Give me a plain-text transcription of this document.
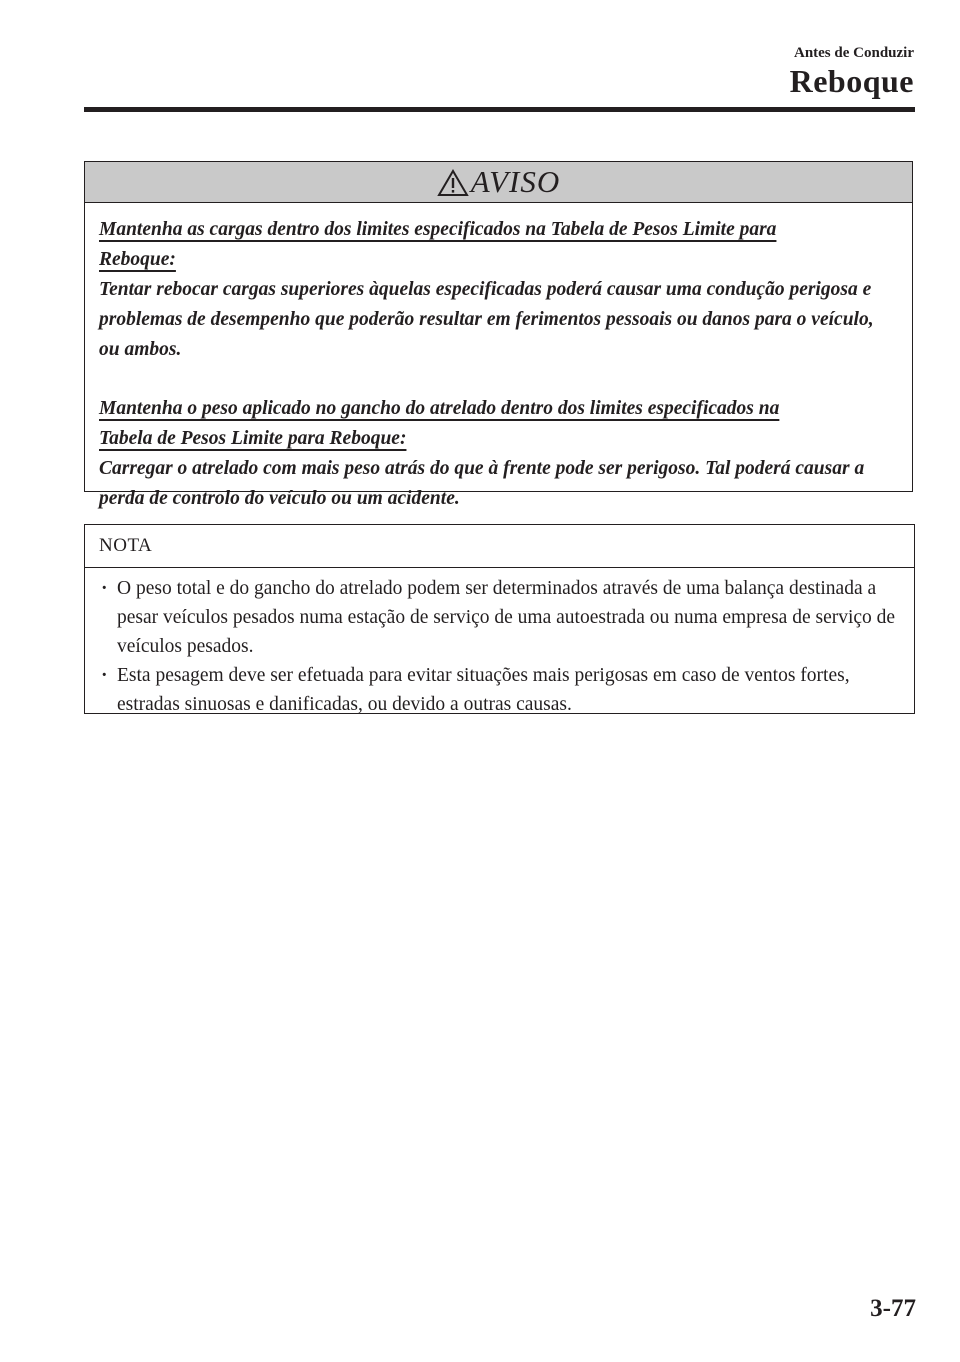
Antes de Conduzir
Reboque
AVISO
Mantenha as cargas dentro dos limites especificados na Tabela de Pesos Limite para
Reboque:
Tentar rebocar cargas superiores àquelas especificadas poderá causar uma condução perigosa e problemas de desempenho que poderão resultar em ferimentos pessoais ou danos para o veículo, ou ambos.
Mantenha o peso aplicado no gancho do atrelado dentro dos limites especificados na
Tabela de Pesos Limite para Reboque:
Carregar o atrelado com mais peso atrás do que à frente pode ser perigoso. Tal poderá causar a perda de controlo do veículo ou um acidente.
NOTA
· O peso total e do gancho do atrelado podem ser determinados através de uma balança destinada a pesar veículos pesados numa estação de serviço de uma autoestrada ou numa empresa de serviço de veículos pesados.
· Esta pesagem deve ser efetuada para evitar situações mais perigosas em caso de ventos fortes, estradas sinuosas e danificadas, ou devido a outras causas.
3-77
